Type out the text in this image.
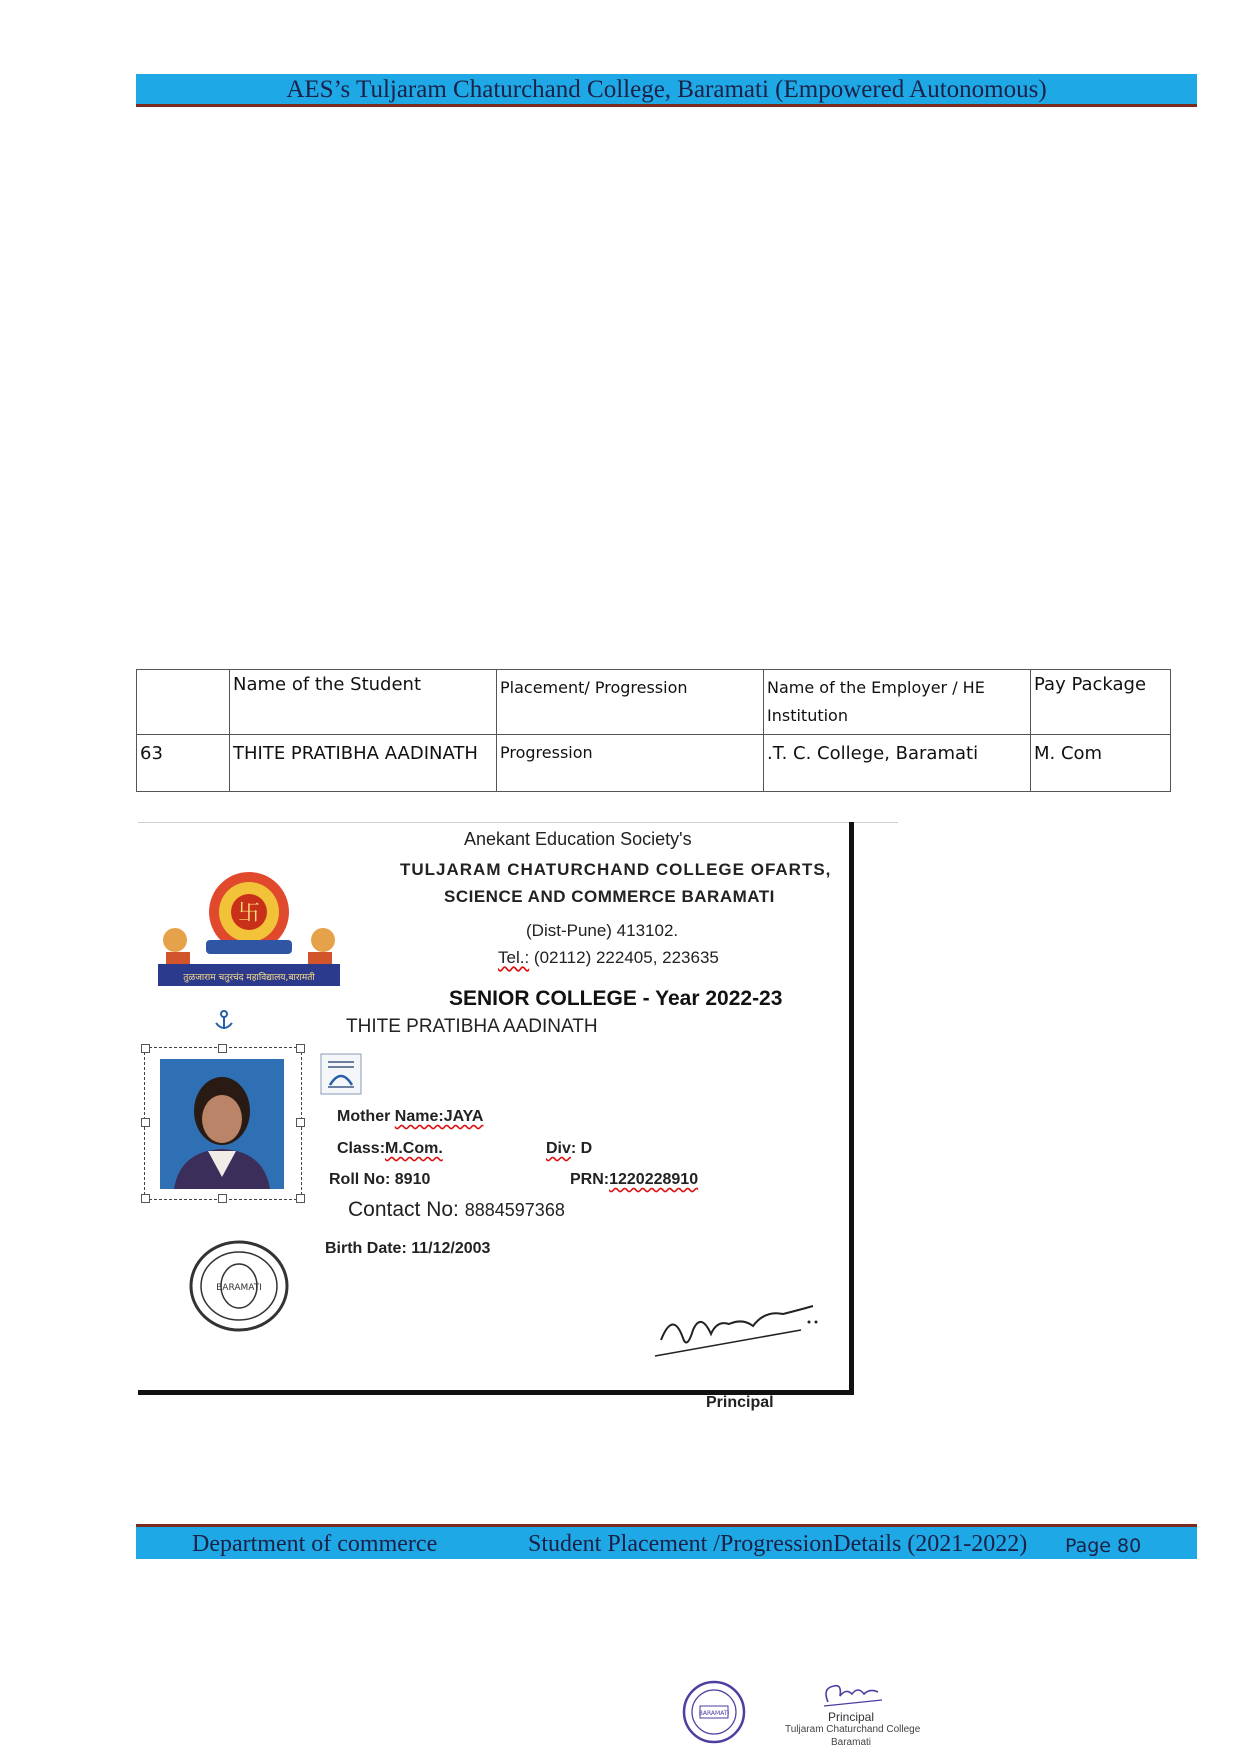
AES’s Tuljaram Chaturchand College, Baramati (Empowered Autonomous)
	Name of the Student	Placement/ Progression	Name of the Employer / HE Institution	Pay Package
63	THITE PRATIBHA AADINATH	Progression	.T. C. College, Baramati	M. Com
Anekant Education Society's
TULJARAM CHATURCHAND COLLEGE OFARTS,
SCIENCE AND COMMERCE BARAMATI
(Dist-Pune) 413102.
Tel.: (02112) 222405, 223635
SENIOR COLLEGE - Year 2022-23
THITE PRATIBHA AADINATH
Mother Name:JAYA
Class:M.Com.	Div: D
Roll No: 8910	PRN:1220228910
Contact No: 8884597368
Birth Date: 11/12/2003
Principal
卐
तुळजाराम चतुरचंद महाविद्यालय,बारामती
BARAMATI
Department of commerce	Student Placement /ProgressionDetails (2021-2022) Page 80
BARAMATI	Principal
Tuljaram Chaturchand College
Baramati
